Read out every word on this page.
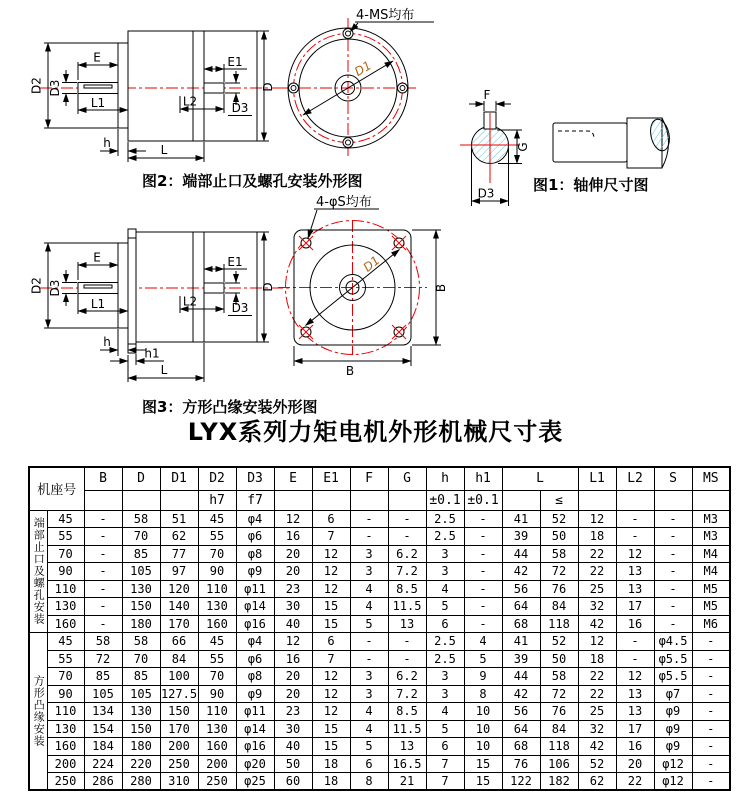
E
D3
D2
L1
h	L
E1
L2	D3
D
D1
4-MS均布
F
G
D3
E
D3
D2
L1
h
h1
L
E1
L2	D3
D
D1
B
B
4-φS均布
图2：端部止口及螺孔安装外形图	图1：轴伸尺寸图
图3：方形凸缘安装外形图
LYX系列力矩电机外形机械尺寸表
机座号		B	D	D1	D2	D3	E	E1	F	G	h	h1	L		L1	L2	S	MS
					h7	f7					±0.1	±0.1		≤				
端部止口及螺孔安装	45	-	58	51	45	φ4	12	6	-	-	2.5	-	41	52	12	-	-	M3
	55	-	70	62	55	φ6	16	7	-	-	2.5	-	39	50	18	-	-	M3
	70	-	85	77	70	φ8	20	12	3	6.2	3	-	44	58	22	12	-	M4
	90	-	105	97	90	φ9	20	12	3	7.2	3	-	42	72	22	13	-	M4
	110	-	130	120	110	φ11	23	12	4	8.5	4	-	56	76	25	13	-	M5
	130	-	150	140	130	φ14	30	15	4	11.5	5	-	64	84	32	17	-	M5
	160	-	180	170	160	φ16	40	15	5	13	6	-	68	118	42	16	-	M6
方形凸缘安装	45	58	58	66	45	φ4	12	6	-	-	2.5	4	41	52	12	-	φ4.5	-
	55	72	70	84	55	φ6	16	7	-	-	2.5	5	39	50	18	-	φ5.5	-
	70	85	85	100	70	φ8	20	12	3	6.2	3	9	44	58	22	12	φ5.5	-
	90	105	105	127.5	90	φ9	20	12	3	7.2	3	8	42	72	22	13	φ7	-
	110	134	130	150	110	φ11	23	12	4	8.5	4	10	56	76	25	13	φ9	-
	130	154	150	170	130	φ14	30	15	4	11.5	5	10	64	84	32	17	φ9	-
	160	184	180	200	160	φ16	40	15	5	13	6	10	68	118	42	16	φ9	-
	200	224	220	250	200	φ20	50	18	6	16.5	7	15	76	106	52	20	φ12	-
	250	286	280	310	250	φ25	60	18	8	21	7	15	122	182	62	22	φ12	-
